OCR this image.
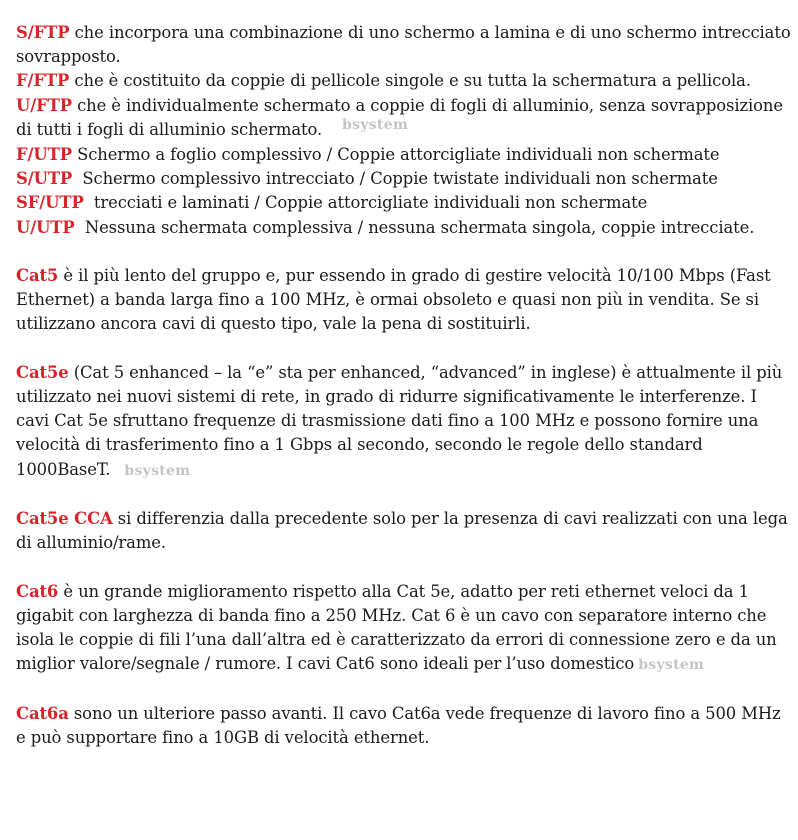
S/FTP che incorpora una combinazione di uno schermo a lamina e di uno schermo intrecciato sovrapposto.
F/FTP che è costituito da coppie di pellicole singole e su tutta la schermatura a pellicola.
U/FTP che è individualmente schermato a coppie di fogli di alluminio, senza sovrapposizione di tutti i fogli di alluminio schermato. bsystem
F/UTP Schermo a foglio complessivo / Coppie attorcigliate individuali non schermate
S/UTP  Schermo complessivo intrecciato / Coppie twistate individuali non schermate
SF/UTP  trecciati e laminati / Coppie attorcigliate individuali non schermate
U/UTP  Nessuna schermata complessiva / nessuna schermata singola, coppie intrecciate.
Cat5 è il più lento del gruppo e, pur essendo in grado di gestire velocità 10/100 Mbps (Fast Ethernet) a banda larga fino a 100 MHz, è ormai obsoleto e quasi non più in vendita. Se si utilizzano ancora cavi di questo tipo, vale la pena di sostituirli.
Cat5e (Cat 5 enhanced – la “e” sta per enhanced, “advanced” in inglese) è attualmente il più utilizzato nei nuovi sistemi di rete, in grado di ridurre significativamente le interferenze. I cavi Cat 5e sfruttano frequenze di trasmissione dati fino a 100 MHz e possono fornire una velocità di trasferimento fino a 1 Gbps al secondo, secondo le regole dello standard 1000BaseT. bsystem
Cat5e CCA si differenzia dalla precedente solo per la presenza di cavi realizzati con una lega di alluminio/rame.
Cat6 è un grande miglioramento rispetto alla Cat 5e, adatto per reti ethernet veloci da 1 gigabit con larghezza di banda fino a 250 MHz. Cat 6 è un cavo con separatore interno che isola le coppie di fili l’una dall’altra ed è caratterizzato da errori di connessione zero e da un miglior valore/segnale / rumore. I cavi Cat6 sono ideali per l’uso domestico bsystem
Cat6a sono un ulteriore passo avanti. Il cavo Cat6a vede frequenze di lavoro fino a 500 MHz e può supportare fino a 10GB di velocità ethernet.
